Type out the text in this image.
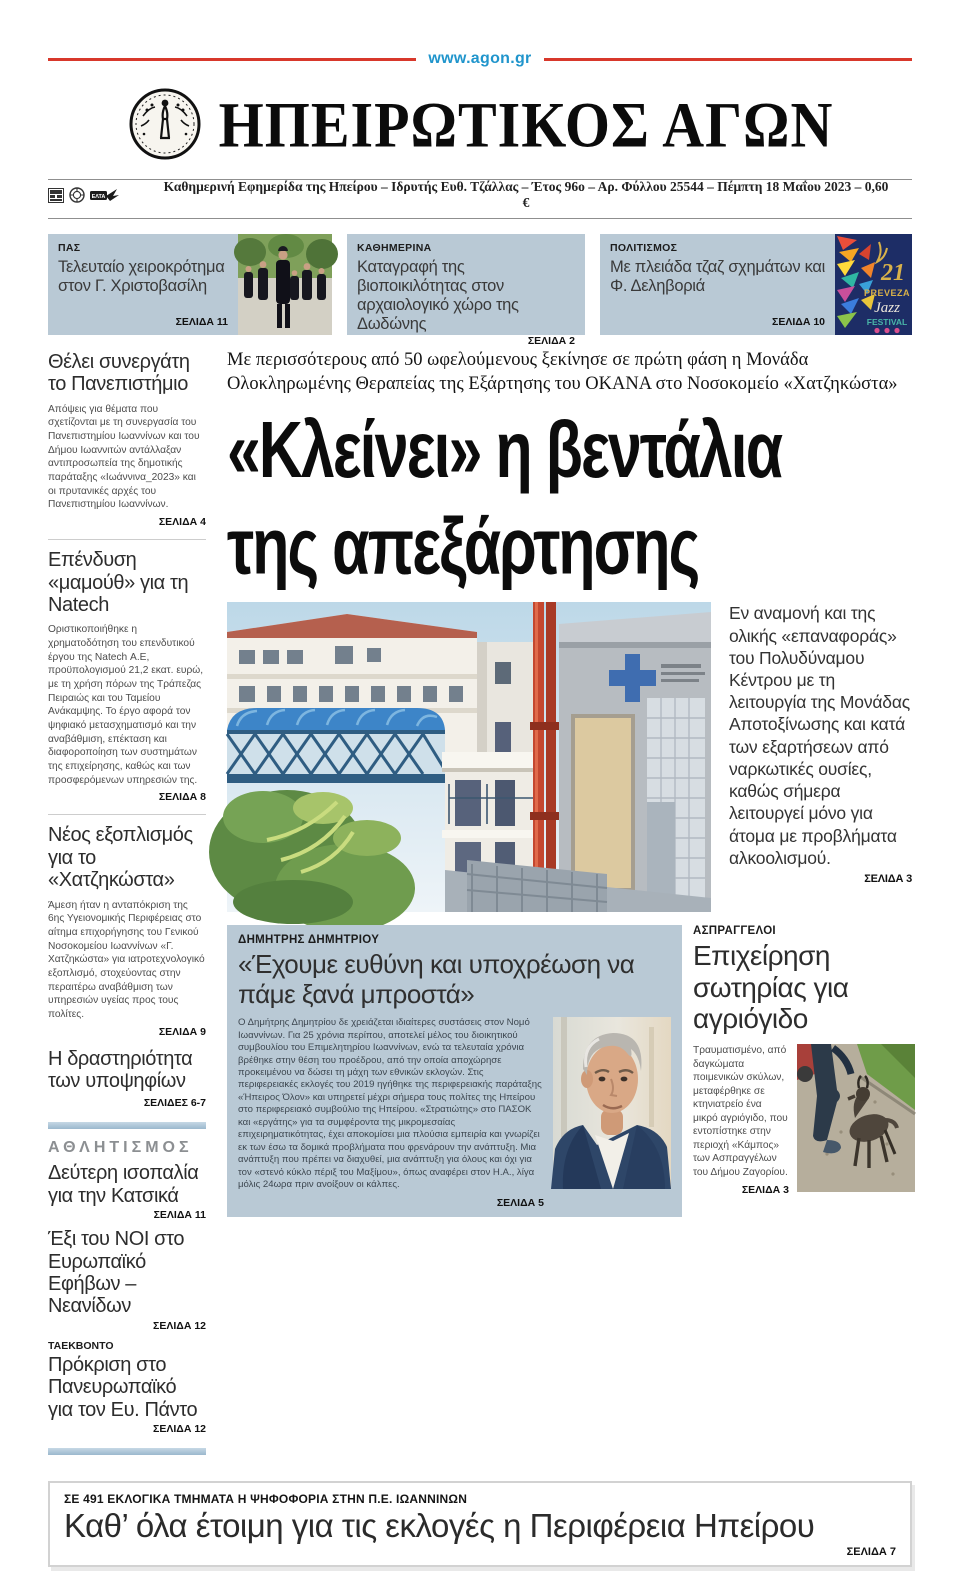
www.agon.gr
ΗΠΕΙΡΩΤΙΚΟΣ ΑΓΩΝ
ΕΛΤΑ
Καθημερινή Εφημερίδα της Ηπείρου – Ιδρυτής Ευθ. Τζάλλας – Έτος 96ο – Αρ. Φύλλου 25544 – Πέμπτη 18 Μαΐου 2023 – 0,60 €
ΠΑΣ
Τελευταίο χειροκρότημα στον Γ. Χριστοβασίλη
ΣΕΛΙΔΑ 11
ΚΑΘΗΜΕΡΙΝΑ
Καταγραφή της βιοποικιλότητας στον αρχαιολογικό χώρο της Δωδώνης
ΣΕΛΙΔΑ 2
ΠΟΛΙΤΙΣΜΟΣ
Με πλειάδα τζαζ σχημάτων και Φ. Δεληβοριά
ΣΕΛΙΔΑ 10
21
PREVEZA
Jazz
FESTIVAL
Θέλει συνεργάτη το Πανεπιστήμιο
Απόψεις για θέματα που σχετίζονται με τη συνεργασία του Πανεπιστημίου Ιωαννίνων και του Δήμου Ιωαννιτών αντάλλαξαν αντιπροσωπεία της δημοτικής παράταξης «Ιωάννινα_2023» και οι πρυτανικές αρχές του Πανεπιστημίου Ιωαννίνων.
ΣΕΛΙΔΑ 4
Επένδυση «μαμούθ» για τη Natech
Οριστικοποιήθηκε η χρηματοδότηση του επενδυτικού έργου της Natech Α.Ε, προϋπολογισμού 21,2 εκατ. ευρώ, με τη χρήση πόρων της Τράπεζας Πειραιώς και του Ταμείου Ανάκαμψης. Το έργο αφορά τον ψηφιακό μετασχηματισμό και την αναβάθμιση, επέκταση και διαφοροποίηση των συστημάτων της επιχείρησης, καθώς και των προσφερόμενων υπηρεσιών της.
ΣΕΛΙΔΑ 8
Νέος εξοπλισμός για το «Χατζηκώστα»
Άμεση ήταν η ανταπόκριση της 6ης Υγειονομικής Περιφέρειας στο αίτημα επιχορήγησης του Γενικού Νοσοκομείου Ιωαννίνων «Γ. Χατζηκώστα» για ιατροτεχνολογικό εξοπλισμό, στοχεύοντας στην περαιτέρω αναβάθμιση των υπηρεσιών υγείας προς τους πολίτες.
ΣΕΛΙΔΑ 9
Η δραστηριότητα των υποψηφίων
ΣΕΛΙΔΕΣ 6-7
ΑΘΛΗΤΙΣΜΟΣ
Δεύτερη ισοπαλία για την Κατσικά
ΣΕΛΙΔΑ 11
Έξι του ΝΟΙ στο Ευρωπαϊκό Εφήβων – Νεανίδων
ΣΕΛΙΔΑ 12
ΤΑΕΚΒΟΝΤΟ
Πρόκριση στο Πανευρωπαϊκό για τον Ευ. Πάντο
ΣΕΛΙΔΑ 12
Με περισσότερους από 50 ωφελούμενους ξεκίνησε σε πρώτη φάση η Μονάδα Ολοκληρωμένης Θεραπείας της Εξάρτησης του ΟΚΑΝΑ στο Νοσοκομείο «Χατζηκώστα»
«Κλείνει» η βεντάλια
της απεξάρτησης
Εν αναμονή και της ολικής «επαναφοράς» του Πολυδύναμου Κέντρου με τη λειτουργία της Μονάδας Αποτοξίνωσης και κατά των εξαρτήσεων από ναρκωτικές ουσίες, καθώς σήμερα λειτουργεί μόνο για άτομα με προβλήματα αλκοολισμού.
ΣΕΛΙΔΑ 3
ΔΗΜΗΤΡΗΣ ΔΗΜΗΤΡΙΟΥ
«Έχουμε ευθύνη και υποχρέωση να πάμε ξανά μπροστά»
Ο Δημήτρης Δημητρίου δε χρειάζεται ιδιαίτερες συστάσεις στον Νομό Ιωαννίνων. Για 25 χρόνια περίπου, αποτελεί μέλος του διοικητικού συμβουλίου του Επιμελητηρίου Ιωαννίνων, ενώ τα τελευταία χρόνια βρέθηκε στην θέση του προέδρου, από την οποία αποχώρησε προκειμένου να δώσει τη μάχη των εθνικών εκλογών. Στις περιφερειακές εκλογές του 2019 ηγήθηκε της περιφερειακής παράταξης «Ήπειρος Όλον» και υπηρετεί μέχρι σήμερα τους πολίτες της Ηπείρου στο περιφερειακό συμβούλιο της Ηπείρου. «Στρατιώτης» στο ΠΑΣΟΚ και «εργάτης» για τα συμφέροντα της μικρομεσαίας επιχειρηματικότητας, έχει αποκομίσει μια πλούσια εμπειρία και γνωρίζει εκ των έσω τα δομικά προβλήματα που φρενάρουν την ανάπτυξη. Μια ανάπτυξη που πρέπει να διαχυθεί, μια ανάπτυξη για όλους και όχι για τον «στενό κύκλο πέριξ του Μαξίμου», όπως αναφέρει στον Η.Α., λίγα μόλις 24ωρα πριν ανοίξουν οι κάλπες.
ΣΕΛΙΔΑ 5
ΑΣΠΡΑΓΓΕΛΟΙ
Επιχείρηση σωτηρίας για αγριόγιδο
Τραυματισμένο, από δαγκώματα ποιμενικών σκύλων, μεταφέρθηκε σε κτηνιατρείο ένα μικρό αγριόγιδο, που εντοπίστηκε στην περιοχή «Κάμπος» των Ασπραγγέλων του Δήμου Ζαγορίου.
ΣΕΛΙΔΑ 3
ΣΕ 491 ΕΚΛΟΓΙΚΑ ΤΜΗΜΑΤΑ Η ΨΗΦΟΦΟΡΙΑ ΣΤΗΝ Π.Ε. ΙΩΑΝΝΙΝΩΝ
Καθ’ όλα έτοιμη για τις εκλογές η Περιφέρεια Ηπείρου
ΣΕΛΙΔΑ 7
